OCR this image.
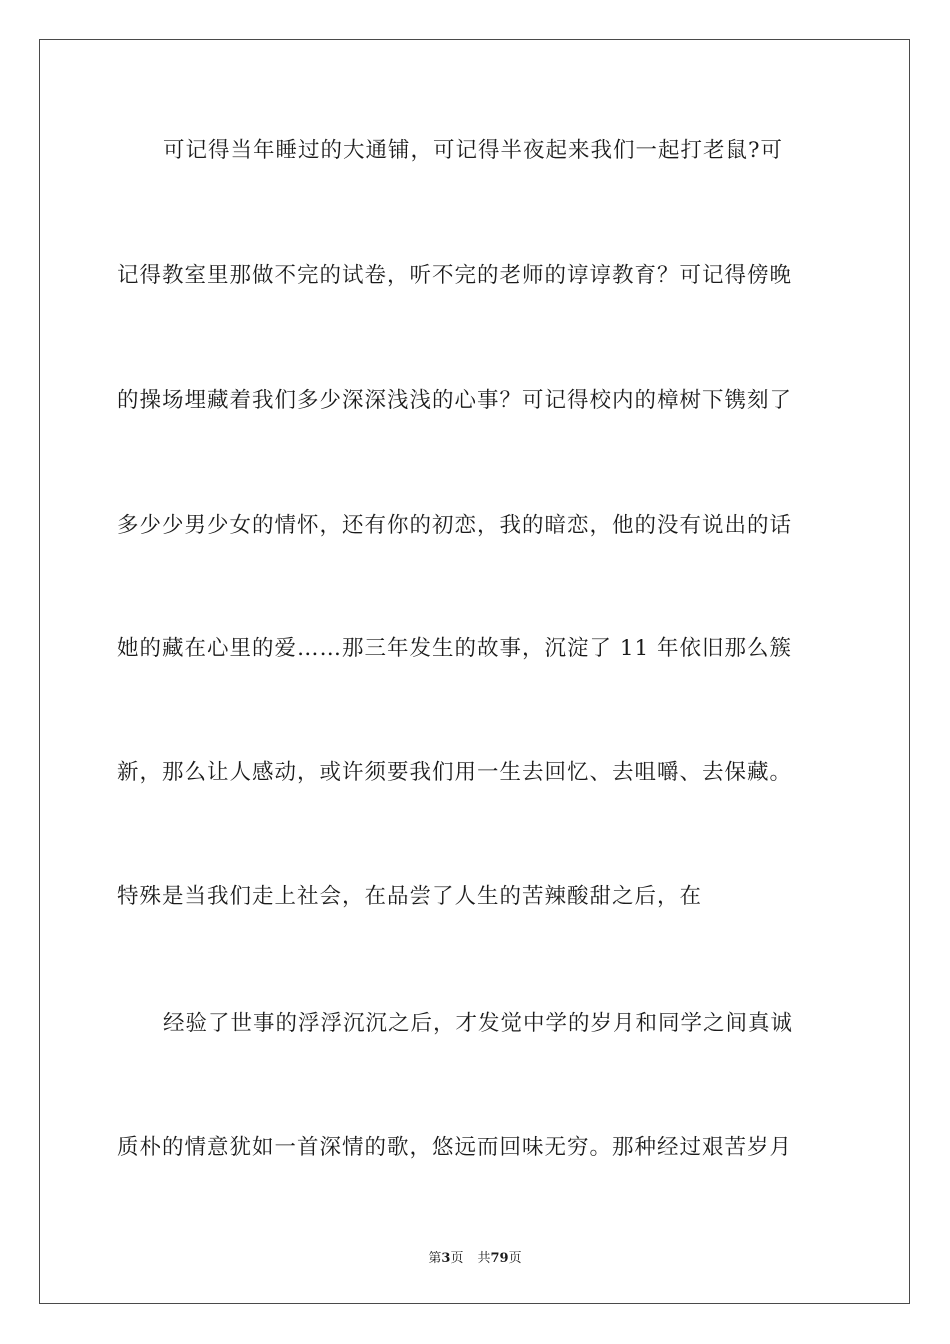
可记得当年睡过的大通铺，可记得半夜起来我们一起打老鼠?可
记得教室里那做不完的试卷，听不完的老师的谆谆教育？可记得傍晚
的操场埋藏着我们多少深深浅浅的心事？可记得校内的樟树下镌刻了
多少少男少女的情怀，还有你的初恋，我的暗恋，他的没有说出的话
她的藏在心里的爱……那三年发生的故事，沉淀了 11 年依旧那么簇
新，那么让人感动，或许须要我们用一生去回忆、去咀嚼、去保藏。
特殊是当我们走上社会，在品尝了人生的苦辣酸甜之后，在
经验了世事的浮浮沉沉之后，才发觉中学的岁月和同学之间真诚
质朴的情意犹如一首深情的歌，悠远而回味无穷。那种经过艰苦岁月
第3页 共79页
